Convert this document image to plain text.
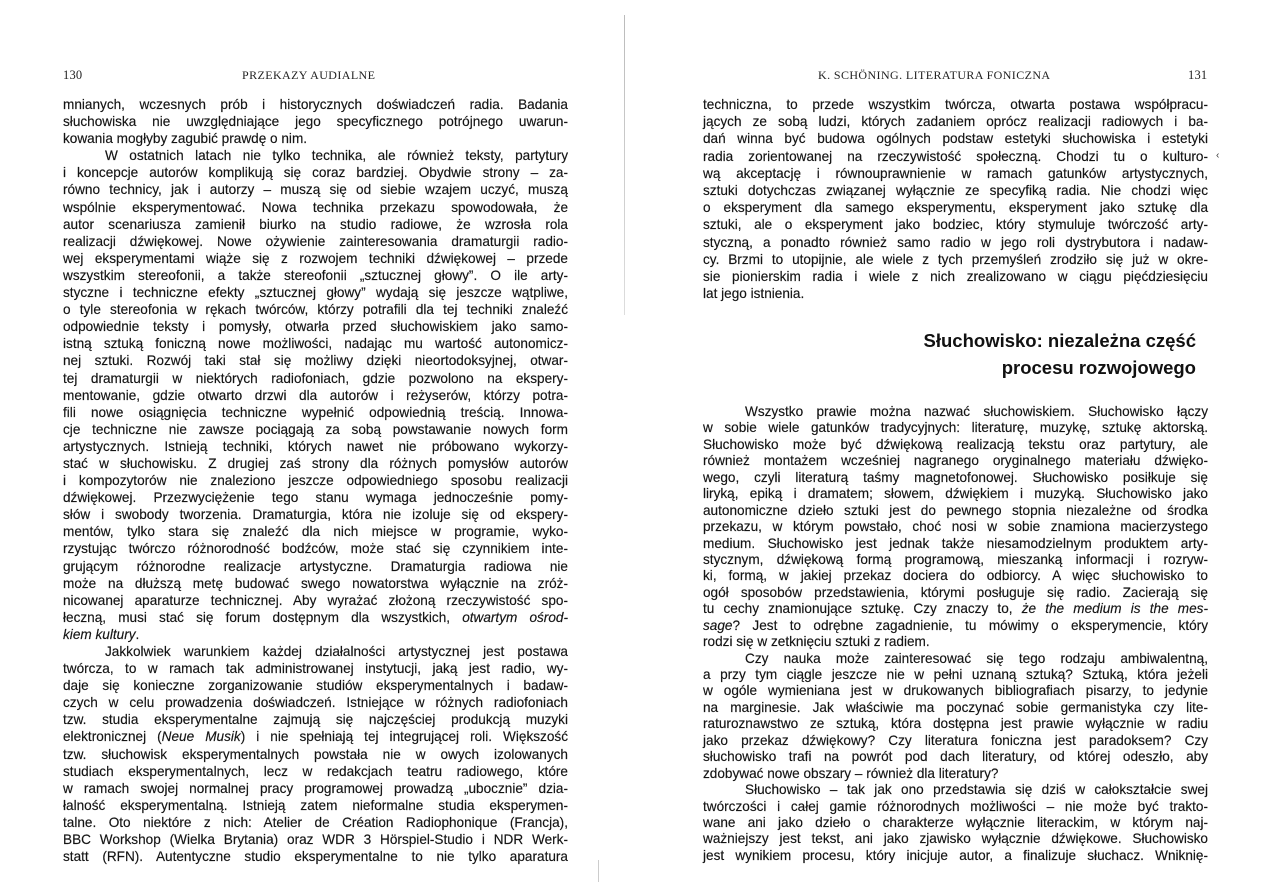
130	PRZEKAZY AUDIALNE
mnianych, wczesnych prób i historycznych doświadczeń radia. Badania
słuchowiska nie uwzględniające jego specyficznego potrójnego uwarun-
kowania mogłyby zagubić prawdę o nim.
W ostatnich latach nie tylko technika, ale również teksty, partytury
i koncepcje autorów komplikują się coraz bardziej. Obydwie strony – za-
równo technicy, jak i autorzy – muszą się od siebie wzajem uczyć, muszą
wspólnie eksperymentować. Nowa technika przekazu spowodowała, że
autor scenariusza zamienił biurko na studio radiowe, że wzrosła rola
realizacji dźwiękowej. Nowe ożywienie zainteresowania dramaturgii radio-
wej eksperymentami wiąże się z rozwojem techniki dźwiękowej – przede
wszystkim stereofonii, a także stereofonii „sztucznej głowy”. O ile arty-
styczne i techniczne efekty „sztucznej głowy” wydają się jeszcze wątpliwe,
o tyle stereofonia w rękach twórców, którzy potrafili dla tej techniki znaleźć
odpowiednie teksty i pomysły, otwarła przed słuchowiskiem jako samo-
istną sztuką foniczną nowe możliwości, nadając mu wartość autonomicz-
nej sztuki. Rozwój taki stał się możliwy dzięki nieortodoksyjnej, otwar-
tej dramaturgii w niektórych radiofoniach, gdzie pozwolono na ekspery-
mentowanie, gdzie otwarto drzwi dla autorów i reżyserów, którzy potra-
fili nowe osiągnięcia techniczne wypełnić odpowiednią treścią. Innowa-
cje techniczne nie zawsze pociągają za sobą powstawanie nowych form
artystycznych. Istnieją techniki, których nawet nie próbowano wykorzy-
stać w słuchowisku. Z drugiej zaś strony dla różnych pomysłów autorów
i kompozytorów nie znaleziono jeszcze odpowiedniego sposobu realizacji
dźwiękowej. Przezwyciężenie tego stanu wymaga jednocześnie pomy-
słów i swobody tworzenia. Dramaturgia, która nie izoluje się od ekspery-
mentów, tylko stara się znaleźć dla nich miejsce w programie, wyko-
rzystując twórczo różnorodność bodźców, może stać się czynnikiem inte-
grującym różnorodne realizacje artystyczne. Dramaturgia radiowa nie
może na dłuższą metę budować swego nowatorstwa wyłącznie na zróż-
nicowanej aparaturze technicznej. Aby wyrażać złożoną rzeczywistość spo-
łeczną, musi stać się forum dostępnym dla wszystkich, otwartym ośrod-
kiem kultury.
Jakkolwiek warunkiem każdej działalności artystycznej jest postawa
twórcza, to w ramach tak administrowanej instytucji, jaką jest radio, wy-
daje się konieczne zorganizowanie studiów eksperymentalnych i badaw-
czych w celu prowadzenia doświadczeń. Istniejące w różnych radiofoniach
tzw. studia eksperymentalne zajmują się najczęściej produkcją muzyki
elektronicznej (Neue Musik) i nie spełniają tej integrującej roli. Większość
tzw. słuchowisk eksperymentalnych powstała nie w owych izolowanych
studiach eksperymentalnych, lecz w redakcjach teatru radiowego, które
w ramach swojej normalnej pracy programowej prowadzą „ubocznie” dzia-
łalność eksperymentalną. Istnieją zatem nieformalne studia eksperymen-
talne. Oto niektóre z nich: Atelier de Création Radiophonique (Francja),
BBC Workshop (Wielka Brytania) oraz WDR 3 Hörspiel-Studio i NDR Werk-
statt (RFN). Autentyczne studio eksperymentalne to nie tylko aparatura
K. SCHÖNING. LITERATURA FONICZNA	131
techniczna, to przede wszystkim twórcza, otwarta postawa współpracu-
jących ze sobą ludzi, których zadaniem oprócz realizacji radiowych i ba-
dań winna być budowa ogólnych podstaw estetyki słuchowiska i estetyki
radia zorientowanej na rzeczywistość społeczną. Chodzi tu o kulturo-
wą akceptację i równouprawnienie w ramach gatunków artystycznych,
sztuki dotychczas związanej wyłącznie ze specyfiką radia. Nie chodzi więc
o eksperyment dla samego eksperymentu, eksperyment jako sztukę dla
sztuki, ale o eksperyment jako bodziec, który stymuluje twórczość arty-
styczną, a ponadto również samo radio w jego roli dystrybutora i nadaw-
cy. Brzmi to utopijnie, ale wiele z tych przemyśleń zrodziło się już w okre-
sie pionierskim radia i wiele z nich zrealizowano w ciągu pięćdziesięciu
lat jego istnienia.
Słuchowisko: niezależna część
procesu rozwojowego
Wszystko prawie można nazwać słuchowiskiem. Słuchowisko łączy
w sobie wiele gatunków tradycyjnych: literaturę, muzykę, sztukę aktorską.
Słuchowisko może być dźwiękową realizacją tekstu oraz partytury, ale
również montażem wcześniej nagranego oryginalnego materiału dźwięko-
wego, czyli literaturą taśmy magnetofonowej. Słuchowisko posiłkuje się
liryką, epiką i dramatem; słowem, dźwiękiem i muzyką. Słuchowisko jako
autonomiczne dzieło sztuki jest do pewnego stopnia niezależne od środka
przekazu, w którym powstało, choć nosi w sobie znamiona macierzystego
medium. Słuchowisko jest jednak także niesamodzielnym produktem arty-
stycznym, dźwiękową formą programową, mieszanką informacji i rozryw-
ki, formą, w jakiej przekaz dociera do odbiorcy. A więc słuchowisko to
ogół sposobów przedstawienia, którymi posługuje się radio. Zacierają się
tu cechy znamionujące sztukę. Czy znaczy to, że the medium is the mes-
sage? Jest to odrębne zagadnienie, tu mówimy o eksperymencie, który
rodzi się w zetknięciu sztuki z radiem.
Czy nauka może zainteresować się tego rodzaju ambiwalentną,
a przy tym ciągle jeszcze nie w pełni uznaną sztuką? Sztuką, która jeżeli
w ogóle wymieniana jest w drukowanych bibliografiach pisarzy, to jedynie
na marginesie. Jak właściwie ma poczynać sobie germanistyka czy lite-
raturoznawstwo ze sztuką, która dostępna jest prawie wyłącznie w radiu
jako przekaz dźwiękowy? Czy literatura foniczna jest paradoksem? Czy
słuchowisko trafi na powrót pod dach literatury, od której odeszło, aby
zdobywać nowe obszary – również dla literatury?
Słuchowisko – tak jak ono przedstawia się dziś w całokształcie swej
twórczości i całej gamie różnorodnych możliwości – nie może być trakto-
wane ani jako dzieło o charakterze wyłącznie literackim, w którym naj-
ważniejszy jest tekst, ani jako zjawisko wyłącznie dźwiękowe. Słuchowisko
jest wynikiem procesu, który inicjuje autor, a finalizuje słuchacz. Wniknię-
‹
